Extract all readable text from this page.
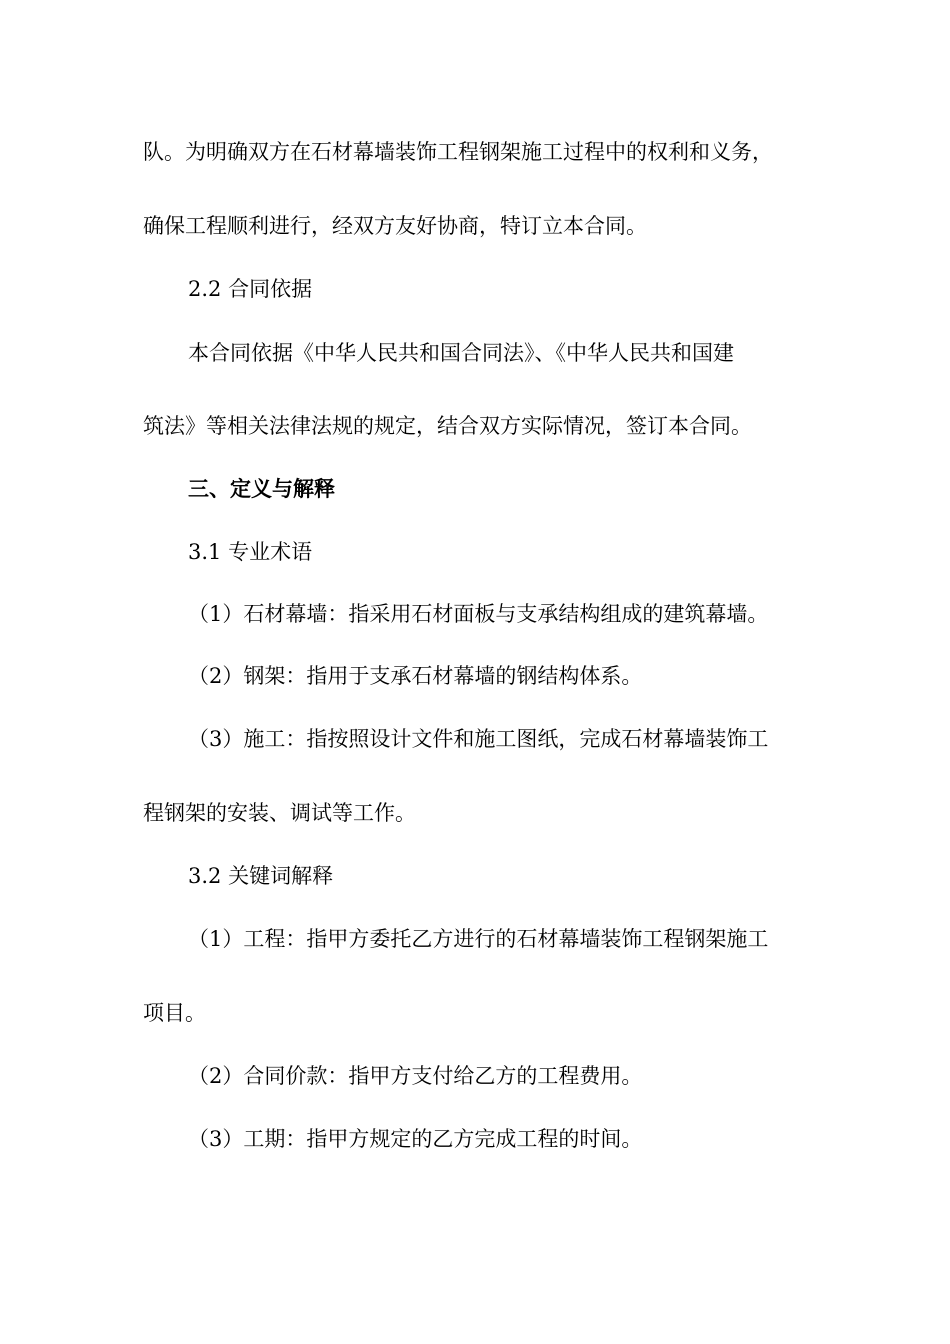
队。为明确双方在石材幕墙装饰工程钢架施工过程中的权利和义务，
确保工程顺利进行，经双方友好协商，特订立本合同。
2.2 合同依据
本合同依据《中华人民共和国合同法》、《中华人民共和国建
筑法》等相关法律法规的规定，结合双方实际情况，签订本合同。
三、定义与解释
3.1 专业术语
（1）石材幕墙：指采用石材面板与支承结构组成的建筑幕墙。
（2）钢架：指用于支承石材幕墙的钢结构体系。
（3）施工：指按照设计文件和施工图纸，完成石材幕墙装饰工
程钢架的安装、调试等工作。
3.2 关键词解释
（1）工程：指甲方委托乙方进行的石材幕墙装饰工程钢架施工
项目。
（2）合同价款：指甲方支付给乙方的工程费用。
（3）工期：指甲方规定的乙方完成工程的时间。
